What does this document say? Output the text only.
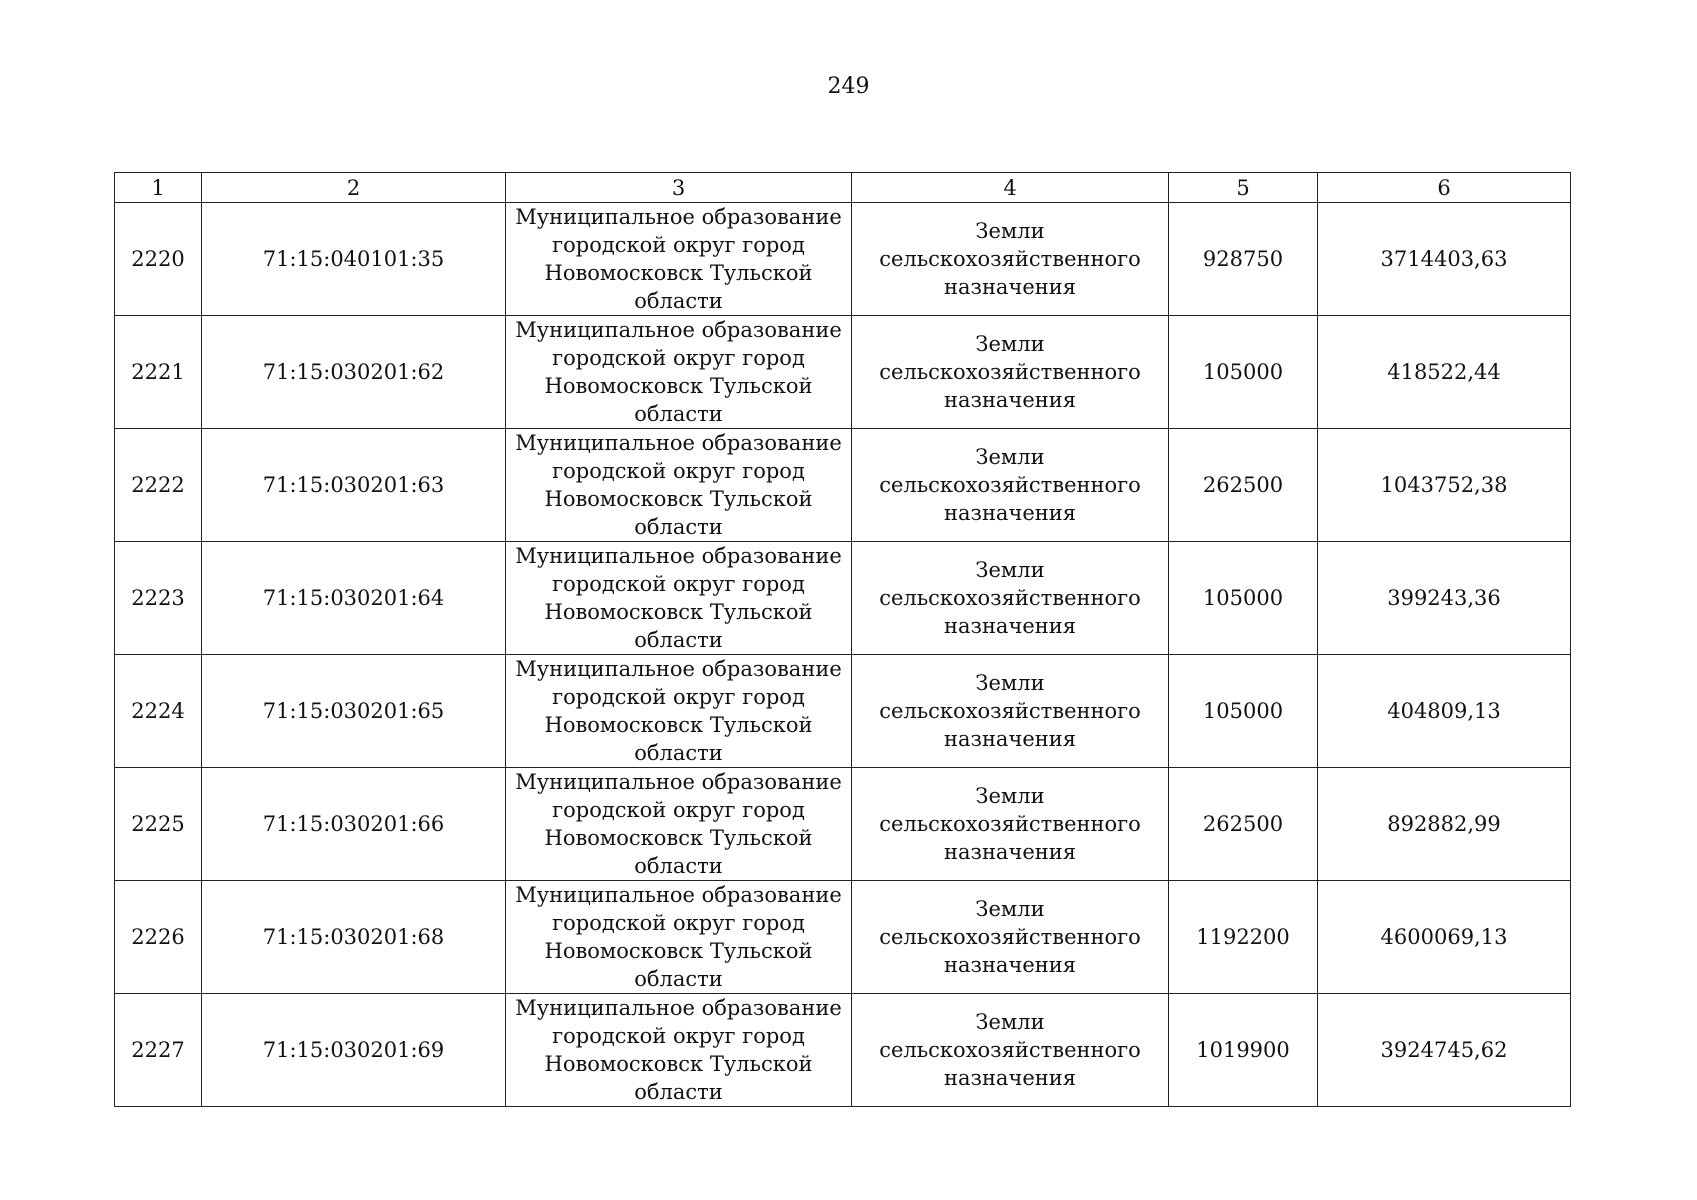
249
1	2	3	4	5	6
2220	71:15:040101:35	Муниципальное образование городской округ город Новомосковск Тульской области	Земли сельскохозяйственного назначения	928750	3714403,63
2221	71:15:030201:62	Муниципальное образование городской округ город Новомосковск Тульской области	Земли сельскохозяйственного назначения	105000	418522,44
2222	71:15:030201:63	Муниципальное образование городской округ город Новомосковск Тульской области	Земли сельскохозяйственного назначения	262500	1043752,38
2223	71:15:030201:64	Муниципальное образование городской округ город Новомосковск Тульской области	Земли сельскохозяйственного назначения	105000	399243,36
2224	71:15:030201:65	Муниципальное образование городской округ город Новомосковск Тульской области	Земли сельскохозяйственного назначения	105000	404809,13
2225	71:15:030201:66	Муниципальное образование городской округ город Новомосковск Тульской области	Земли сельскохозяйственного назначения	262500	892882,99
2226	71:15:030201:68	Муниципальное образование городской округ город Новомосковск Тульской области	Земли сельскохозяйственного назначения	1192200	4600069,13
2227	71:15:030201:69	Муниципальное образование городской округ город Новомосковск Тульской области	Земли сельскохозяйственного назначения	1019900	3924745,62
